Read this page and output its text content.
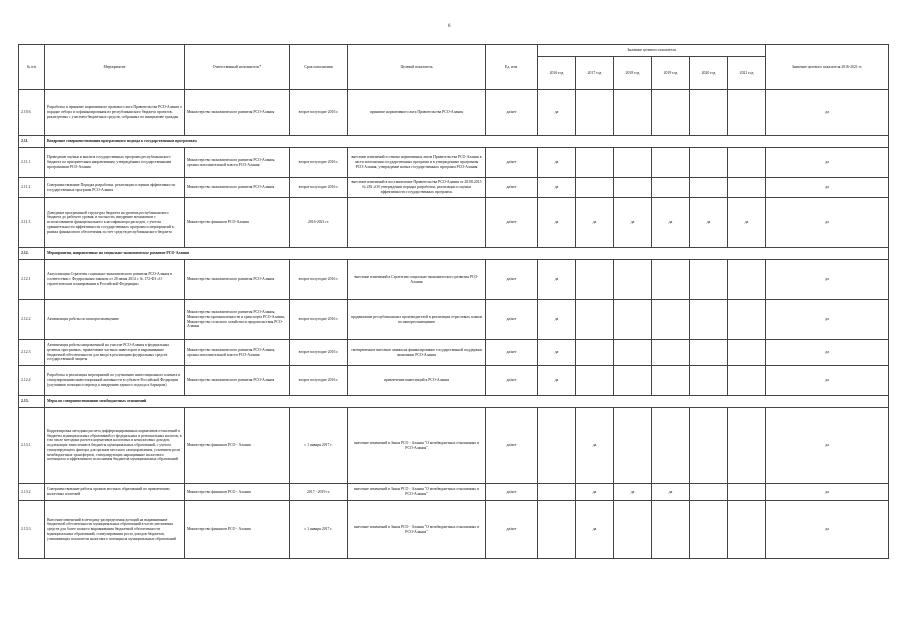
6
№ п/п	Мероприятие	Ответственный исполнитель*	Срок исполнения	Целевой показатель	Ед. изм.	Значение целевого показателя						Значение целевого показателя 2016-2021 гг.
						2016 год	2017 год	2018 год	2019 год	2020 год	2021 год	
2.10.6	Разработка и принятие нормативного правового акта Правительства РСО-Алания о порядке отбора и софинансирования из республиканского бюджета проектов, реализуемых с участием бюджетных средств, собранных по инициативе граждан	Министерство экономического развития РСО-Алания	второе полугодие 2016 г.	принятие нормативного акта Правительства РСО-Алания	да/нет	да						да
2.11.	Внедрение совершенствования программного подхода к государственным программам											
2.11.1	Проведение оценки и анализа государственных программ республиканского бюджета по приоритетным направлениям, утверждённых государственными программами РСО-Алания	Министерство экономического развития РСО-Алания, органы исполнительной власти РСО-Алания	второе полугодие 2016 г.	внесение изменений и отмена нормативных актов Правительства РСО-Алания в части исполнения государственных программ и в утвержденные программы РСО-Алания, утверждение новых государственных программ РСО-Алания	да/нет	да						да
2.11.2	Совершенствование Порядка разработки, реализации и оценки эффективности государственных программ РСО-Алания	Министерство экономического развития РСО-Алания	второе полугодие 2016 г.	внесение изменений в постановление Правительства РСО-Алания от 28.08.2015 № 282 «Об утверждении порядка разработки, реализации и оценки эффективности государственных программ»	да/нет	да						да
2.11.3	Доведение программной структуры бюджета на уровень республиканского бюджета до рабочего уровня, в частности, внедрение механизмов с использованием функционального классификатора расходов, с учетом сравнительности эффективности государственных программ и мероприятий в рамках финансового обеспечения за счет средств республиканского бюджета	Министерство финансов РСО-Алания	2016-2021 гг.		да/нет	да	да	да	да	да	да	да
2.12.	Мероприятия, направленные на социально-экономическое развитие РСО-Алания											
2.12.1	Актуализация Стратегии социально-экономического развития РСО-Алания в соответствии с Федеральным законом от 28 июня 2014 г. № 172-ФЗ «О стратегическом планировании в Российской Федерации»	Министерство экономического развития РСО-Алания	второе полугодие 2016 г.	внесение изменений в Стратегию социально-экономического развития РСО-Алания	да/нет	да						да
2.12.2	Активизация работы по импортозамещению	Министерство экономического развития РСО-Алания, Министерство промышленности и транспорта РСО-Алания, Министерство сельского хозяйства и продовольствия РСО-Алания	второе полугодие 2016 г.	продвижение республиканских производителей в реализации отраслевых планов по импортозамещению	да/нет	да						да
2.12.3	Активизация работы направленной на участие РСО-Алания в федеральных целевых программах, привлечение частных инвесторов и выравнивание бюджетной обеспеченности для ввода в реализацию федеральных средств государственной защиты	Министерство экономического развития РСО-Алания, органы исполнительной власти РСО-Алания	второе полугодие 2016 г.	своевременное внесение заявки на финансирование государственной поддержки экономики РСО-Алания	да/нет	да						да
2.12.4	Разработка и реализация мероприятий по улучшению инвестиционного климата и стимулированию инвестиционной активности в субъекте Российской Федерации (улучшение позиции и переход к внедрению единого подхода к барьерам)	Министерство экономического развития РСО-Алания	второе полугодие 2016 г.	привлечение инвестиций в РСО-Алания	да/нет	да						да
2.13.	Меры по совершенствованию межбюджетных отношений											
2.13.1	Корректировка методики расчета дифференцированных нормативов отчислений в бюджеты муниципальных образований от федеральных и региональных налогов, в том числе методики расчета нормативов налоговых и неналоговых доходов, подлежащих зачислению в бюджеты муниципальных образований, с учетом стимулирующего фактора для органов местного самоуправления, усилением роли межбюджетных трансфертов, стимулирующих наращивание налогового потенциала и эффективного исполнения бюджетов муниципальных образований	Министерство финансов РСО - Алания	с 1 января 2017 г.	внесение изменений в Закон РСО - Алания "О межбюджетных отношениях в РСО-Алания"	да/нет		да					да
2.13.2	Совершенствование работы органов местных образований по привлечению налоговых платежей	Министерство финансов РСО - Алания	2017 - 2019 гг.	внесение изменений в Закон РСО - Алания "О межбюджетных отношениях в РСО-Алания"	да/нет		да	да	да			да
2.13.3	Внесение изменений в методику распределения дотаций на выравнивание бюджетной обеспеченности муниципальных образований в части увеличения средств для более полного выравнивания бюджетной обеспеченности муниципальных образований, стимулирования роста доходов бюджетов, учитывающих показатели налогового потенциала муниципальных образований	Министерство финансов РСО - Алания	с 1 января 2017 г.	внесение изменений в Закон РСО - Алания "О межбюджетных отношениях в РСО-Алания"	да/нет		да					да
